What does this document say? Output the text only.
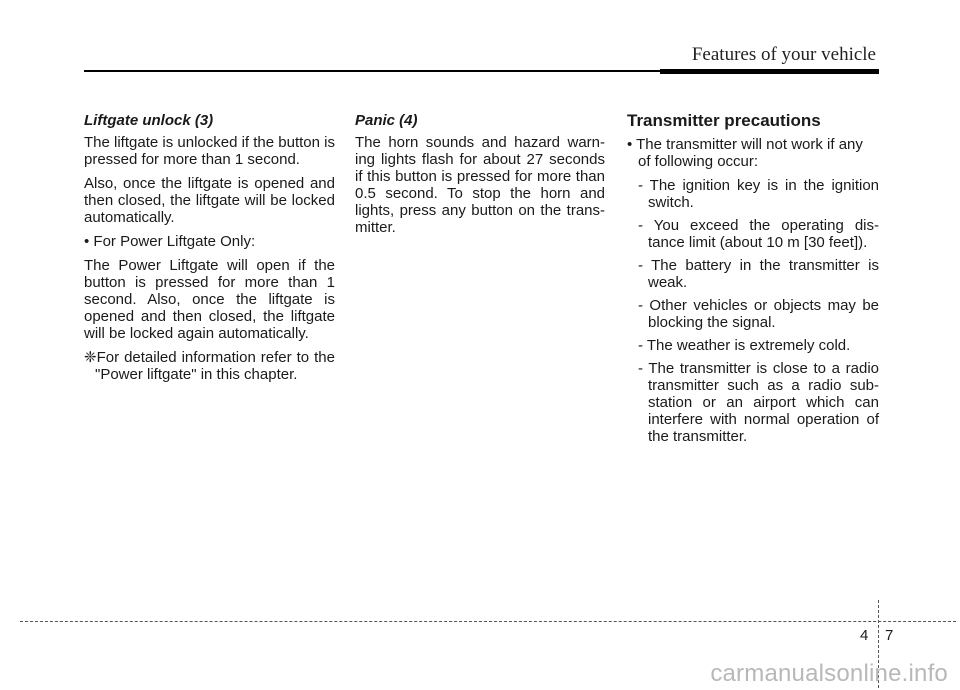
Features of your vehicle
Liftgate unlock (3)

The liftgate is unlocked if the button is pressed for more than 1 second.

Also, once the liftgate is opened and then closed, the liftgate will be locked automatically.

• For Power Liftgate Only:

The Power Liftgate will open if the button is pressed for more than 1 second. Also, once the liftgate is opened and then closed, the liftgate will be locked again automatically.

❈For detailed information refer to the "Power liftgate" in this chapter.
Panic (4)

The horn sounds and hazard warn-ing lights flash for about 27 seconds if this button is pressed for more than 0.5 second. To stop the horn and lights, press any button on the trans-mitter.

Transmitter precautions
• The transmitter will not work if any of following occur:
- The ignition key is in the ignition switch.
- You exceed the operating dis-tance limit (about 10 m [30 feet]).
- The battery in the transmitter is weak.
- Other vehicles or objects may be blocking the signal.
- The weather is extremely cold.
- The transmitter is close to a radio transmitter such as a radio sub-station or an airport which can interfere with normal operation of the transmitter.
4 7
carmanualsonline.info
